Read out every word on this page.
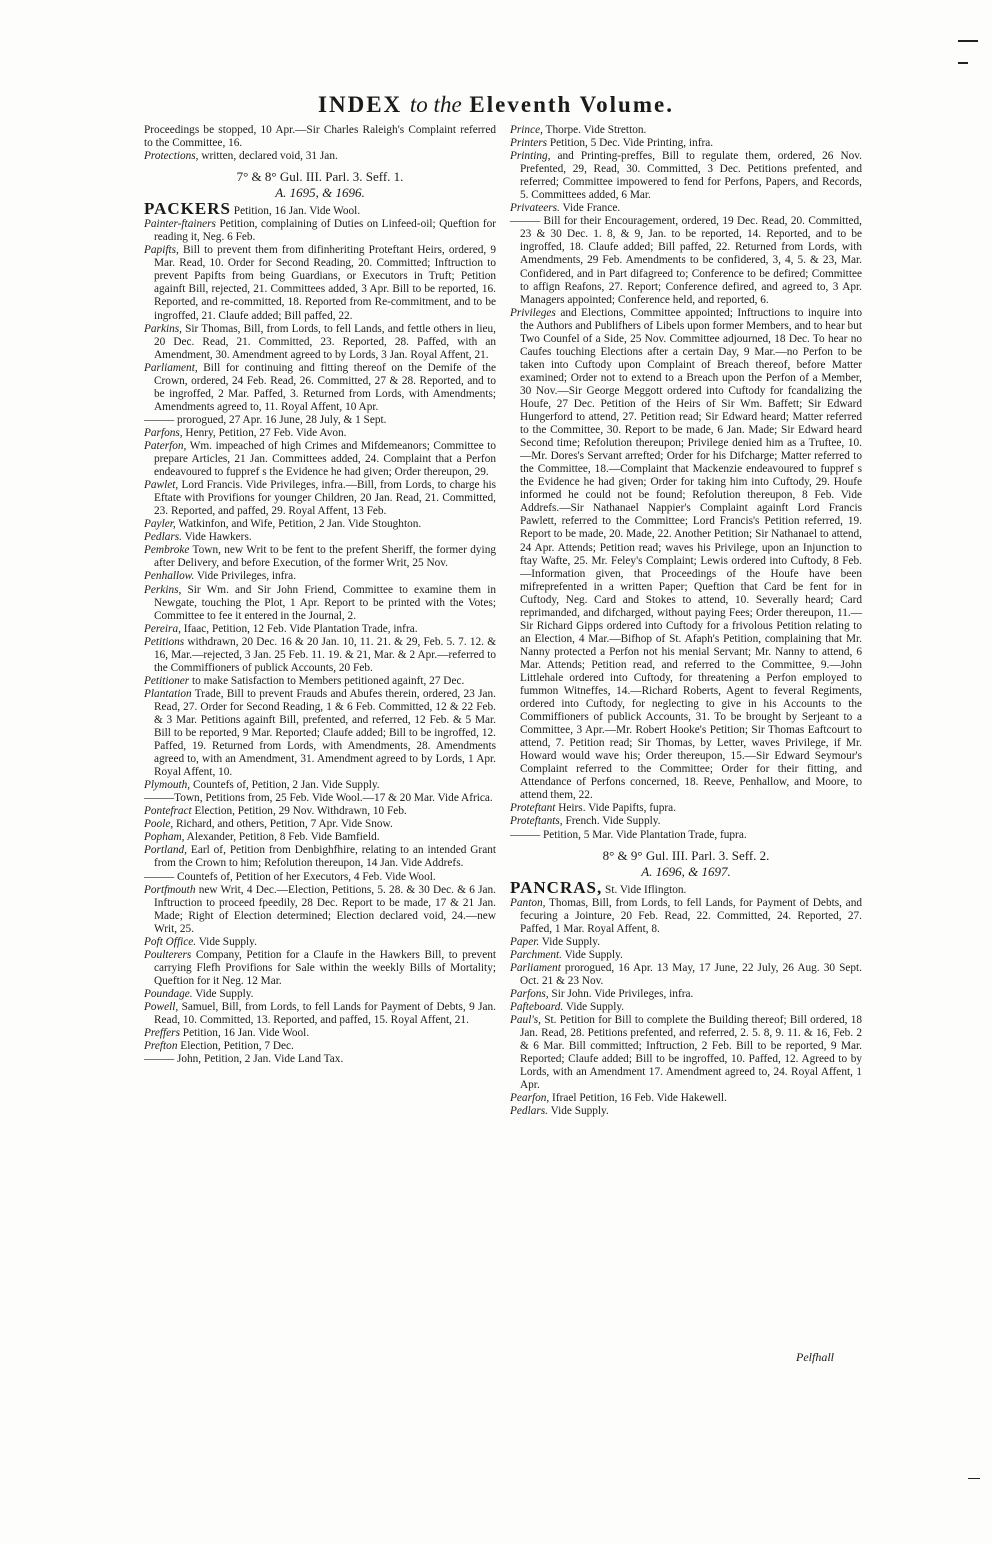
INDEX to the Eleventh Volume.

Proceedings be stopped, 10 Apr.—Sir Charles Raleigh's Complaint referred to the Committee, 16.

Protections, written, declared void, 31 Jan.

7° & 8° Gul. III. Parl. 3. Seff. 1.
A. 1695, & 1696.

PACKERS Petition, 16 Jan. Vide Wool.

Painter-ftainers Petition, complaining of Duties on Linfeed-oil; Queftion for reading it, Neg. 6 Feb.

Papifts, Bill to prevent them from difinheriting Proteftant Heirs, ordered, 9 Mar. Read, 10. Order for Second Reading, 20. Committed; Inftruction to prevent Papifts from being Guardians, or Executors in Truft; Petition againft Bill, rejected, 21. Committees added, 3 Apr. Bill to be reported, 16. Reported, and re-committed, 18. Reported from Re-commitment, and to be ingroffed, 21. Claufe added; Bill paffed, 22.

Parkins, Sir Thomas, Bill, from Lords, to fell Lands, and fettle others in lieu, 20 Dec. Read, 21. Committed, 23. Reported, 28. Paffed, with an Amendment, 30. Amendment agreed to by Lords, 3 Jan. Royal Affent, 21.

Parliament, Bill for continuing and fitting thereof on the Demife of the Crown, ordered, 24 Feb. Read, 26. Committed, 27 & 28. Reported, and to be ingroffed, 2 Mar. Paffed, 3. Returned from Lords, with Amendments; Amendments agreed to, 11. Royal Affent, 10 Apr.

——— prorogued, 27 Apr. 16 June, 28 July, & 1 Sept.

Parfons, Henry, Petition, 27 Feb. Vide Avon.

Paterfon, Wm. impeached of high Crimes and Mifdemeanors; Committee to prepare Articles, 21 Jan. Committees added, 24. Complaint that a Perfon endeavoured to fuppref s the Evidence he had given; Order thereupon, 29.

Pawlet, Lord Francis. Vide Privileges, infra.—Bill, from Lords, to charge his Eftate with Provifions for younger Children, 20 Jan. Read, 21. Committed, 23. Reported, and paffed, 29. Royal Affent, 13 Feb.

Payler, Watkinfon, and Wife, Petition, 2 Jan. Vide Stoughton.

Pedlars. Vide Hawkers.

Pembroke Town, new Writ to be fent to the prefent Sheriff, the former dying after Delivery, and before Execution, of the former Writ, 25 Nov.

Penhallow. Vide Privileges, infra.

Perkins, Sir Wm. and Sir John Friend, Committee to examine them in Newgate, touching the Plot, 1 Apr. Report to be printed with the Votes; Committee to fee it entered in the Journal, 2.

Pereira, Ifaac, Petition, 12 Feb. Vide Plantation Trade, infra.

Petitions withdrawn, 20 Dec. 16 & 20 Jan. 10, 11. 21. & 29, Feb. 5. 7. 12. & 16, Mar.—rejected, 3 Jan. 25 Feb. 11. 19. & 21, Mar. & 2 Apr.—referred to the Commiffioners of publick Accounts, 20 Feb.

Petitioner to make Satisfaction to Members petitioned againft, 27 Dec.

Plantation Trade, Bill to prevent Frauds and Abufes therein, ordered, 23 Jan. Read, 27. Order for Second Reading, 1 & 6 Feb. Committed, 12 & 22 Feb. & 3 Mar. Petitions againft Bill, prefented, and referred, 12 Feb. & 5 Mar. Bill to be reported, 9 Mar. Reported; Claufe added; Bill to be ingroffed, 12. Paffed, 19. Returned from Lords, with Amendments, 28. Amendments agreed to, with an Amendment, 31. Amendment agreed to by Lords, 1 Apr. Royal Affent, 10.

Plymouth, Countefs of, Petition, 2 Jan. Vide Supply.

———Town, Petitions from, 25 Feb. Vide Wool.—17 & 20 Mar. Vide Africa.

Pontefract Election, Petition, 29 Nov. Withdrawn, 10 Feb.

Poole, Richard, and others, Petition, 7 Apr. Vide Snow.

Popham, Alexander, Petition, 8 Feb. Vide Bamfield.

Portland, Earl of, Petition from Denbighfhire, relating to an intended Grant from the Crown to him; Refolution thereupon, 14 Jan. Vide Addrefs.

——— Countefs of, Petition of her Executors, 4 Feb. Vide Wool.

Portfmouth new Writ, 4 Dec.—Election, Petitions, 5. 28. & 30 Dec. & 6 Jan. Inftruction to proceed fpeedily, 28 Dec. Report to be made, 17 & 21 Jan. Made; Right of Election determined; Election declared void, 24.—new Writ, 25.

Poft Office. Vide Supply.

Poulterers Company, Petition for a Claufe in the Hawkers Bill, to prevent carrying Flefh Provifions for Sale within the weekly Bills of Mortality; Queftion for it Neg. 12 Mar.

Poundage. Vide Supply.

Powell, Samuel, Bill, from Lords, to fell Lands for Payment of Debts, 9 Jan. Read, 10. Committed, 13. Reported, and paffed, 15. Royal Affent, 21.

Preffers Petition, 16 Jan. Vide Wool.

Prefton Election, Petition, 7 Dec.

——— John, Petition, 2 Jan. Vide Land Tax.

Prince, Thorpe. Vide Stretton.

Printers Petition, 5 Dec. Vide Printing, infra.

Printing, and Printing-preffes, Bill to regulate them, ordered, 26 Nov. Prefented, 29, Read, 30. Committed, 3 Dec. Petitions prefented, and referred; Committee impowered to fend for Perfons, Papers, and Records, 5. Committees added, 6 Mar.

Privateers. Vide France.

——— Bill for their Encouragement, ordered, 19 Dec. Read, 20. Committed, 23 & 30 Dec. 1. 8, & 9, Jan. to be reported, 14. Reported, and to be ingroffed, 18. Claufe added; Bill paffed, 22. Returned from Lords, with Amendments, 29 Feb. Amendments to be confidered, 3, 4, 5. & 23, Mar. Confidered, and in Part difagreed to; Conference to be defired; Committee to affign Reafons, 27. Report; Conference defired, and agreed to, 3 Apr. Managers appointed; Conference held, and reported, 6.

Privileges and Elections, Committee appointed; Inftructions to inquire into the Authors and Publifhers of Libels upon former Members, and to hear but Two Counfel of a Side, 25 Nov. Committee adjourned, 18 Dec. To hear no Caufes touching Elections after a certain Day, 9 Mar.—no Perfon to be taken into Cuftody upon Complaint of Breach thereof, before Matter examined; Order not to extend to a Breach upon the Perfon of a Member, 30 Nov.—Sir George Meggott ordered into Cuftody for fcandalizing the Houfe, 27 Dec. Petition of the Heirs of Sir Wm. Baffett; Sir Edward Hungerford to attend, 27. Petition read; Sir Edward heard; Matter referred to the Committee, 30. Report to be made, 6 Jan. Made; Sir Edward heard Second time; Refolution thereupon; Privilege denied him as a Truftee, 10.—Mr. Dores's Servant arrefted; Order for his Difcharge; Matter referred to the Committee, 18.—Complaint that Mackenzie endeavoured to fuppref s the Evidence he had given; Order for taking him into Cuftody, 29. Houfe informed he could not be found; Refolution thereupon, 8 Feb. Vide Addrefs.—Sir Nathanael Nappier's Complaint againft Lord Francis Pawlett, referred to the Committee; Lord Francis's Petition referred, 19. Report to be made, 20. Made, 22. Another Petition; Sir Nathanael to attend, 24 Apr. Attends; Petition read; waves his Privilege, upon an Injunction to ftay Wafte, 25. Mr. Feley's Complaint; Lewis ordered into Cuftody, 8 Feb.—Information given, that Proceedings of the Houfe have been mifreprefented in a written Paper; Queftion that Card be fent for in Cuftody, Neg. Card and Stokes to attend, 10. Severally heard; Card reprimanded, and difcharged, without paying Fees; Order thereupon, 11.—Sir Richard Gipps ordered into Cuftody for a frivolous Petition relating to an Election, 4 Mar.—Bifhop of St. Afaph's Petition, complaining that Mr. Nanny protected a Perfon not his menial Servant; Mr. Nanny to attend, 6 Mar. Attends; Petition read, and referred to the Committee, 9.—John Littlehale ordered into Cuftody, for threatening a Perfon employed to fummon Witneffes, 14.—Richard Roberts, Agent to feveral Regiments, ordered into Cuftody, for neglecting to give in his Accounts to the Commiffioners of publick Accounts, 31. To be brought by Serjeant to a Committee, 3 Apr.—Mr. Robert Hooke's Petition; Sir Thomas Eaftcourt to attend, 7. Petition read; Sir Thomas, by Letter, waves Privilege, if Mr. Howard would wave his; Order thereupon, 15.—Sir Edward Seymour's Complaint referred to the Committee; Order for their fitting, and Attendance of Perfons concerned, 18. Reeve, Penhallow, and Moore, to attend them, 22.

Proteftant Heirs. Vide Papifts, fupra.

Proteftants, French. Vide Supply.

——— Petition, 5 Mar. Vide Plantation Trade, fupra.

8° & 9° Gul. III. Parl. 3. Seff. 2.
A. 1696, & 1697.

PANCRAS, St. Vide Iflington.

Panton, Thomas, Bill, from Lords, to fell Lands, for Payment of Debts, and fecuring a Jointure, 20 Feb. Read, 22. Committed, 24. Reported, 27. Paffed, 1 Mar. Royal Affent, 8.

Paper. Vide Supply.

Parchment. Vide Supply.

Parliament prorogued, 16 Apr. 13 May, 17 June, 22 July, 26 Aug. 30 Sept. Oct. 21 & 23 Nov.

Parfons, Sir John. Vide Privileges, infra.

Pafteboard. Vide Supply.

Paul's, St. Petition for Bill to complete the Building thereof; Bill ordered, 18 Jan. Read, 28. Petitions prefented, and referred, 2. 5. 8, 9. 11. & 16, Feb. 2 & 6 Mar. Bill committed; Inftruction, 2 Feb. Bill to be reported, 9 Mar. Reported; Claufe added; Bill to be ingroffed, 10. Paffed, 12. Agreed to by Lords, with an Amendment 17. Amendment agreed to, 24. Royal Affent, 1 Apr.

Pearfon, Ifrael Petition, 16 Feb. Vide Hakewell.

Pedlars. Vide Supply.

Pelfhall
